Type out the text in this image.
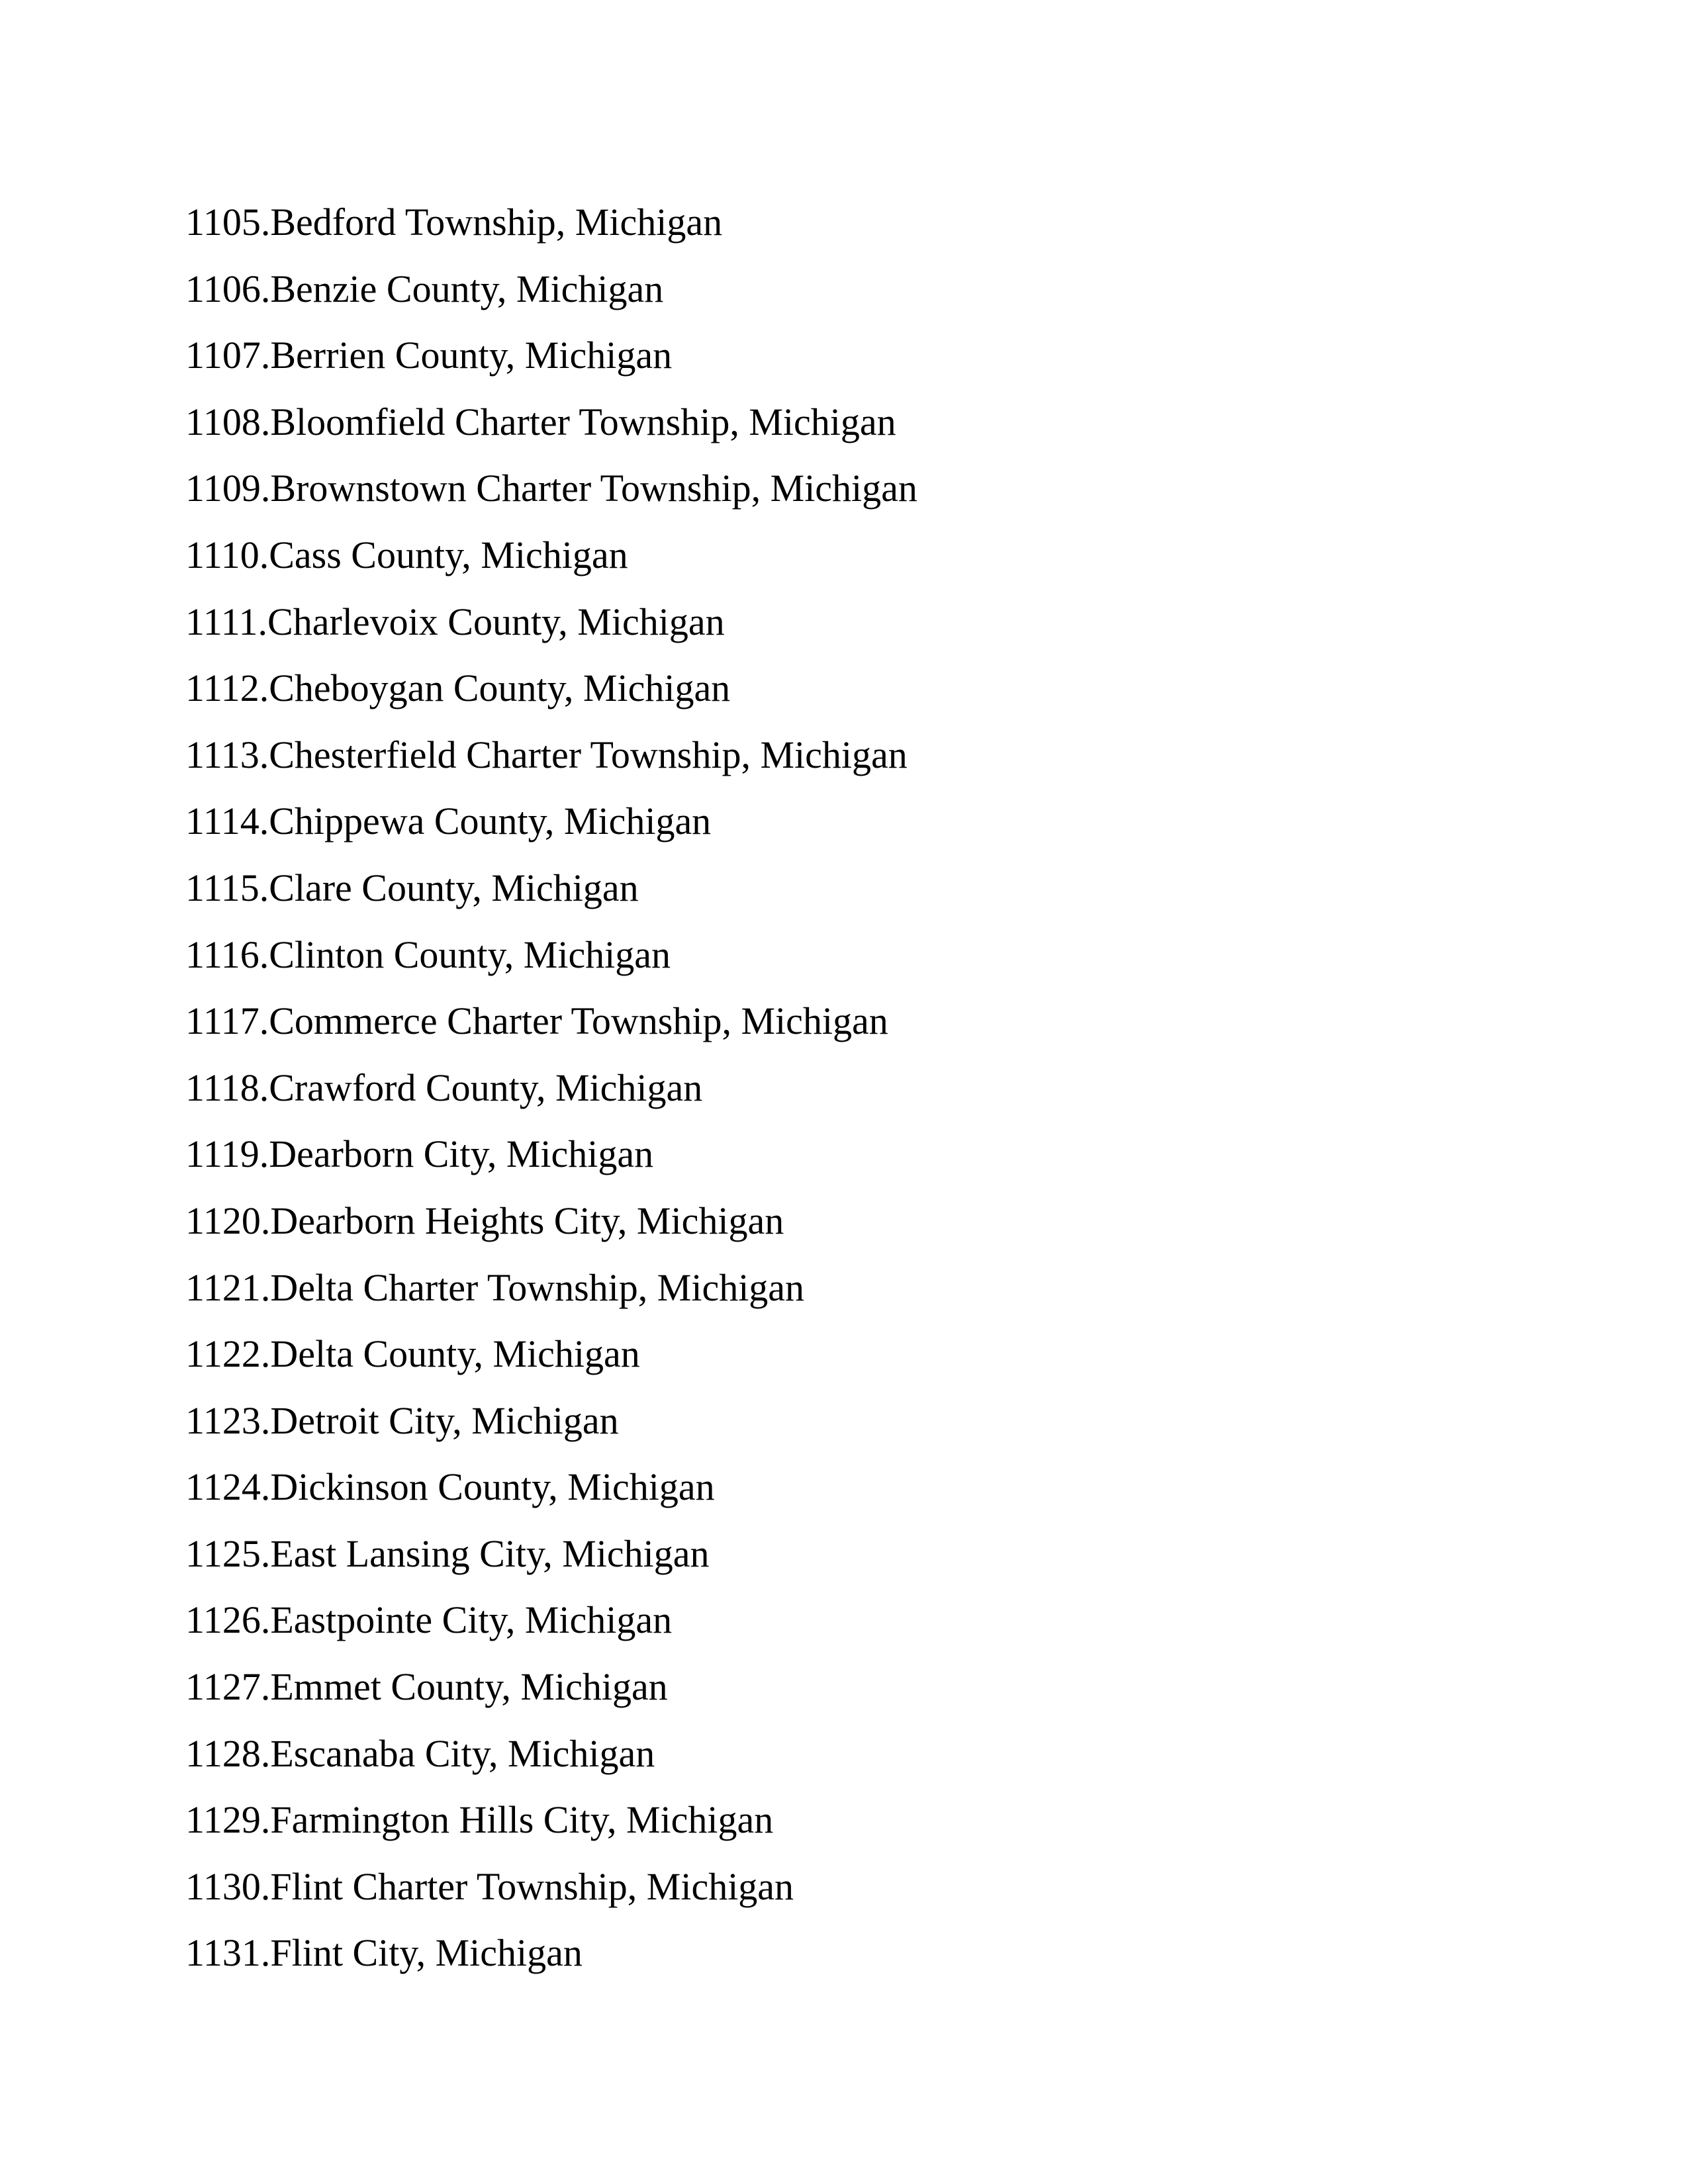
1105.Bedford Township, Michigan
1106.Benzie County, Michigan
1107.Berrien County, Michigan
1108.Bloomfield Charter Township, Michigan
1109.Brownstown Charter Township, Michigan
1110.Cass County, Michigan
1111.Charlevoix County, Michigan
1112.Cheboygan County, Michigan
1113.Chesterfield Charter Township, Michigan
1114.Chippewa County, Michigan
1115.Clare County, Michigan
1116.Clinton County, Michigan
1117.Commerce Charter Township, Michigan
1118.Crawford County, Michigan
1119.Dearborn City, Michigan
1120.Dearborn Heights City, Michigan
1121.Delta Charter Township, Michigan
1122.Delta County, Michigan
1123.Detroit City, Michigan
1124.Dickinson County, Michigan
1125.East Lansing City, Michigan
1126.Eastpointe City, Michigan
1127.Emmet County, Michigan
1128.Escanaba City, Michigan
1129.Farmington Hills City, Michigan
1130.Flint Charter Township, Michigan
1131.Flint City, Michigan
